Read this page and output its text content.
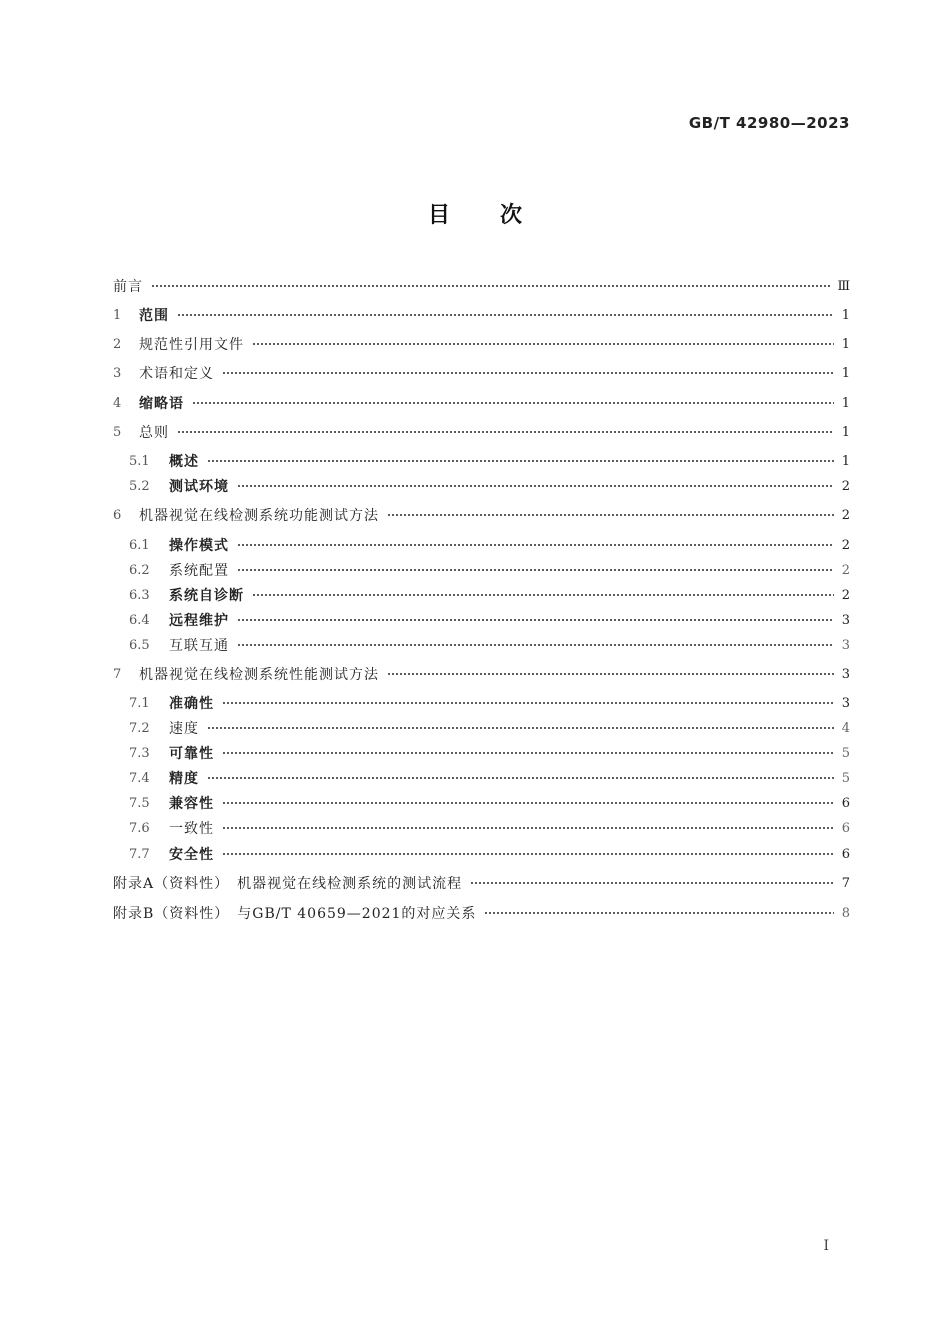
GB/T 42980—2023
目次
前言	Ⅲ
1	范围	1
2	规范性引用文件	1
3	术语和定义	1
4	缩略语	1
5	总则	1
5.1	概述	1
5.2	测试环境	2
6	机器视觉在线检测系统功能测试方法	2
6.1	操作模式	2
6.2	系统配置	2
6.3	系统自诊断	2
6.4	远程维护	3
6.5	互联互通	3
7	机器视觉在线检测系统性能测试方法	3
7.1	准确性	3
7.2	速度	4
7.3	可靠性	5
7.4	精度	5
7.5	兼容性	6
7.6	一致性	6
7.7	安全性	6
附录A（资料性）　机器视觉在线检测系统的测试流程	7
附录B（资料性）　与GB/T 40659—2021的对应关系	8
I
